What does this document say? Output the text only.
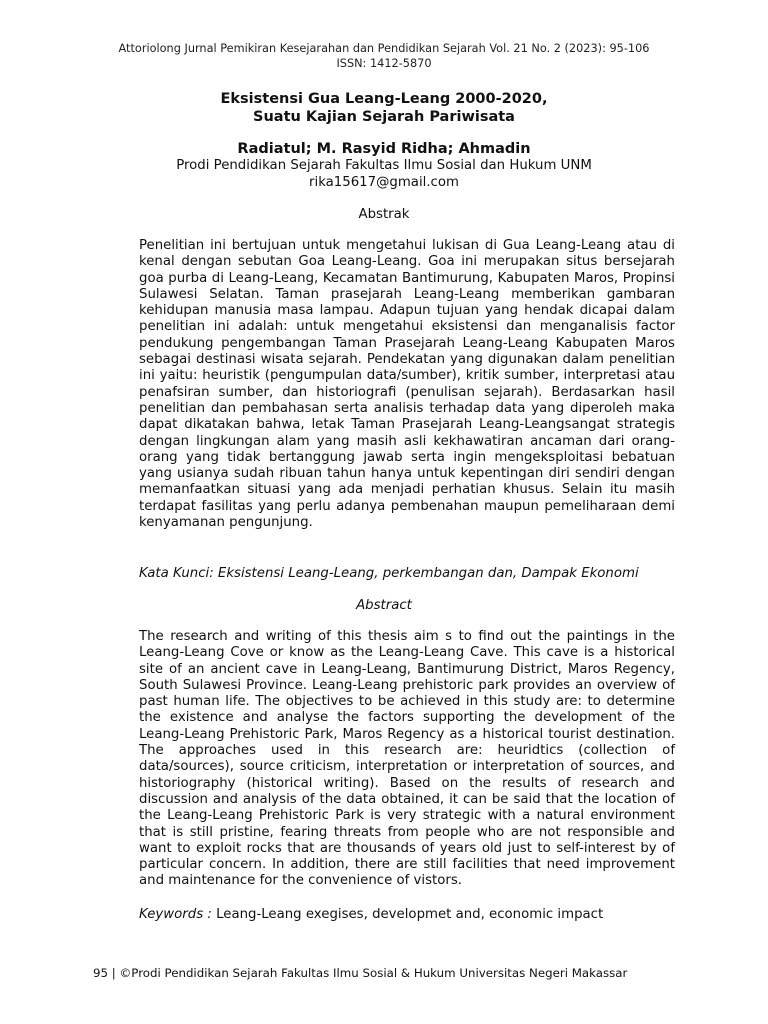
Attoriolong Jurnal Pemikiran Kesejarahan dan Pendidikan Sejarah Vol. 21 No. 2 (2023): 95-106
ISSN: 1412-5870
Eksistensi Gua Leang-Leang 2000-2020,
Suatu Kajian Sejarah Pariwisata
Radiatul; M. Rasyid Ridha; Ahmadin
Prodi Pendidikan Sejarah Fakultas Ilmu Sosial dan Hukum UNM
rika15617@gmail.com
Abstrak
Penelitian ini bertujuan untuk mengetahui lukisan di Gua Leang-Leang atau di kenal dengan sebutan Goa Leang-Leang. Goa ini merupakan situs bersejarah goa purba di Leang-Leang, Kecamatan Bantimurung, Kabupaten Maros, Propinsi Sulawesi Selatan. Taman prasejarah Leang-Leang memberikan gambaran kehidupan manusia masa lampau. Adapun tujuan yang hendak dicapai dalam penelitian ini adalah: untuk mengetahui eksistensi dan menganalisis factor pendukung pengembangan Taman Prasejarah Leang-Leang Kabupaten Maros sebagai destinasi wisata sejarah. Pendekatan yang digunakan dalam penelitian ini yaitu: heuristik (pengumpulan data/sumber), kritik sumber, interpretasi atau penafsiran sumber, dan historiografi (penulisan sejarah). Berdasarkan hasil penelitian dan pembahasan serta analisis terhadap data yang diperoleh maka dapat dikatakan bahwa, letak Taman Prasejarah Leang-Leangsangat strategis dengan lingkungan alam yang masih asli kekhawatiran ancaman dari orang-orang yang tidak bertanggung jawab serta ingin mengeksploitasi bebatuan yang usianya sudah ribuan tahun hanya untuk kepentingan diri sendiri dengan memanfaatkan situasi yang ada menjadi perhatian khusus. Selain itu masih terdapat fasilitas yang perlu adanya pembenahan maupun pemeliharaan demi kenyamanan pengunjung.
Kata Kunci: Eksistensi Leang-Leang, perkembangan dan, Dampak Ekonomi
Abstract
The research and writing of this thesis aim s to find out the paintings in the Leang-Leang Cove or know as the Leang-Leang Cave. This cave is a historical site of an ancient cave in Leang-Leang, Bantimurung District, Maros Regency, South Sulawesi Province. Leang-Leang prehistoric park provides an overview of past human life. The objectives to be achieved in this study are: to determine the existence and analyse the factors supporting the development of the Leang-Leang Prehistoric Park, Maros Regency as a historical tourist destination. The approaches used in this research are: heuridtics (collection of data/sources), source criticism, interpretation or interpretation of sources, and historiography (historical writing). Based on the results of research and discussion and analysis of the data obtained, it can be said that the location of the Leang-Leang Prehistoric Park is very strategic with a natural environment that is still pristine, fearing threats from people who are not responsible and want to exploit rocks that are thousands of years old just to self-interest by of particular concern. In addition, there are still facilities that need improvement and maintenance for the convenience of vistors.
Keywords : Leang-Leang exegises, developmet and, economic impact
95 | ©Prodi Pendidikan Sejarah Fakultas Ilmu Sosial & Hukum Universitas Negeri Makassar
